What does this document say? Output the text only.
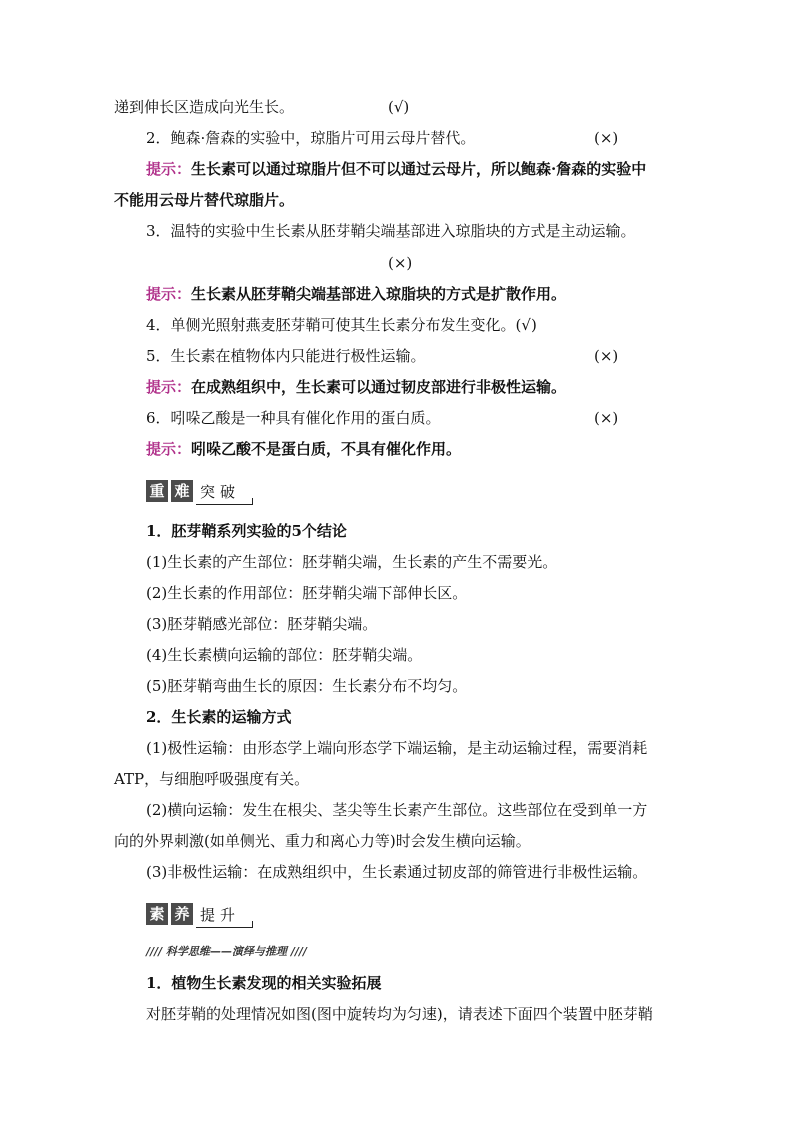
递到伸长区造成向光生长。	(√)
2．鲍森·詹森的实验中，琼脂片可用云母片替代。	(×)
提示：生长素可以通过琼脂片但不可以通过云母片，所以鲍森·詹森的实验中
不能用云母片替代琼脂片。
3．温特的实验中生长素从胚芽鞘尖端基部进入琼脂块的方式是主动运输。
(×)
提示：生长素从胚芽鞘尖端基部进入琼脂块的方式是扩散作用。
4．单侧光照射燕麦胚芽鞘可使其生长素分布发生变化。(√)
5．生长素在植物体内只能进行极性运输。	(×)
提示：在成熟组织中，生长素可以通过韧皮部进行非极性运输。
6．吲哚乙酸是一种具有催化作用的蛋白质。	(×)
提示：吲哚乙酸不是蛋白质，不具有催化作用。
重 难 突 破
1．胚芽鞘系列实验的5个结论
(1)生长素的产生部位：胚芽鞘尖端，生长素的产生不需要光。
(2)生长素的作用部位：胚芽鞘尖端下部伸长区。
(3)胚芽鞘感光部位：胚芽鞘尖端。
(4)生长素横向运输的部位：胚芽鞘尖端。
(5)胚芽鞘弯曲生长的原因：生长素分布不均匀。
2．生长素的运输方式
(1)极性运输：由形态学上端向形态学下端运输，是主动运输过程，需要消耗
ATP，与细胞呼吸强度有关。
(2)横向运输：发生在根尖、茎尖等生长素产生部位。这些部位在受到单一方
向的外界刺激(如单侧光、重力和离心力等)时会发生横向运输。
(3)非极性运输：在成熟组织中，生长素通过韧皮部的筛管进行非极性运输。
素 养 提 升
//// 科学思维——演绎与推理 ////
1．植物生长素发现的相关实验拓展
对胚芽鞘的处理情况如图(图中旋转均为匀速)，请表述下面四个装置中胚芽鞘
